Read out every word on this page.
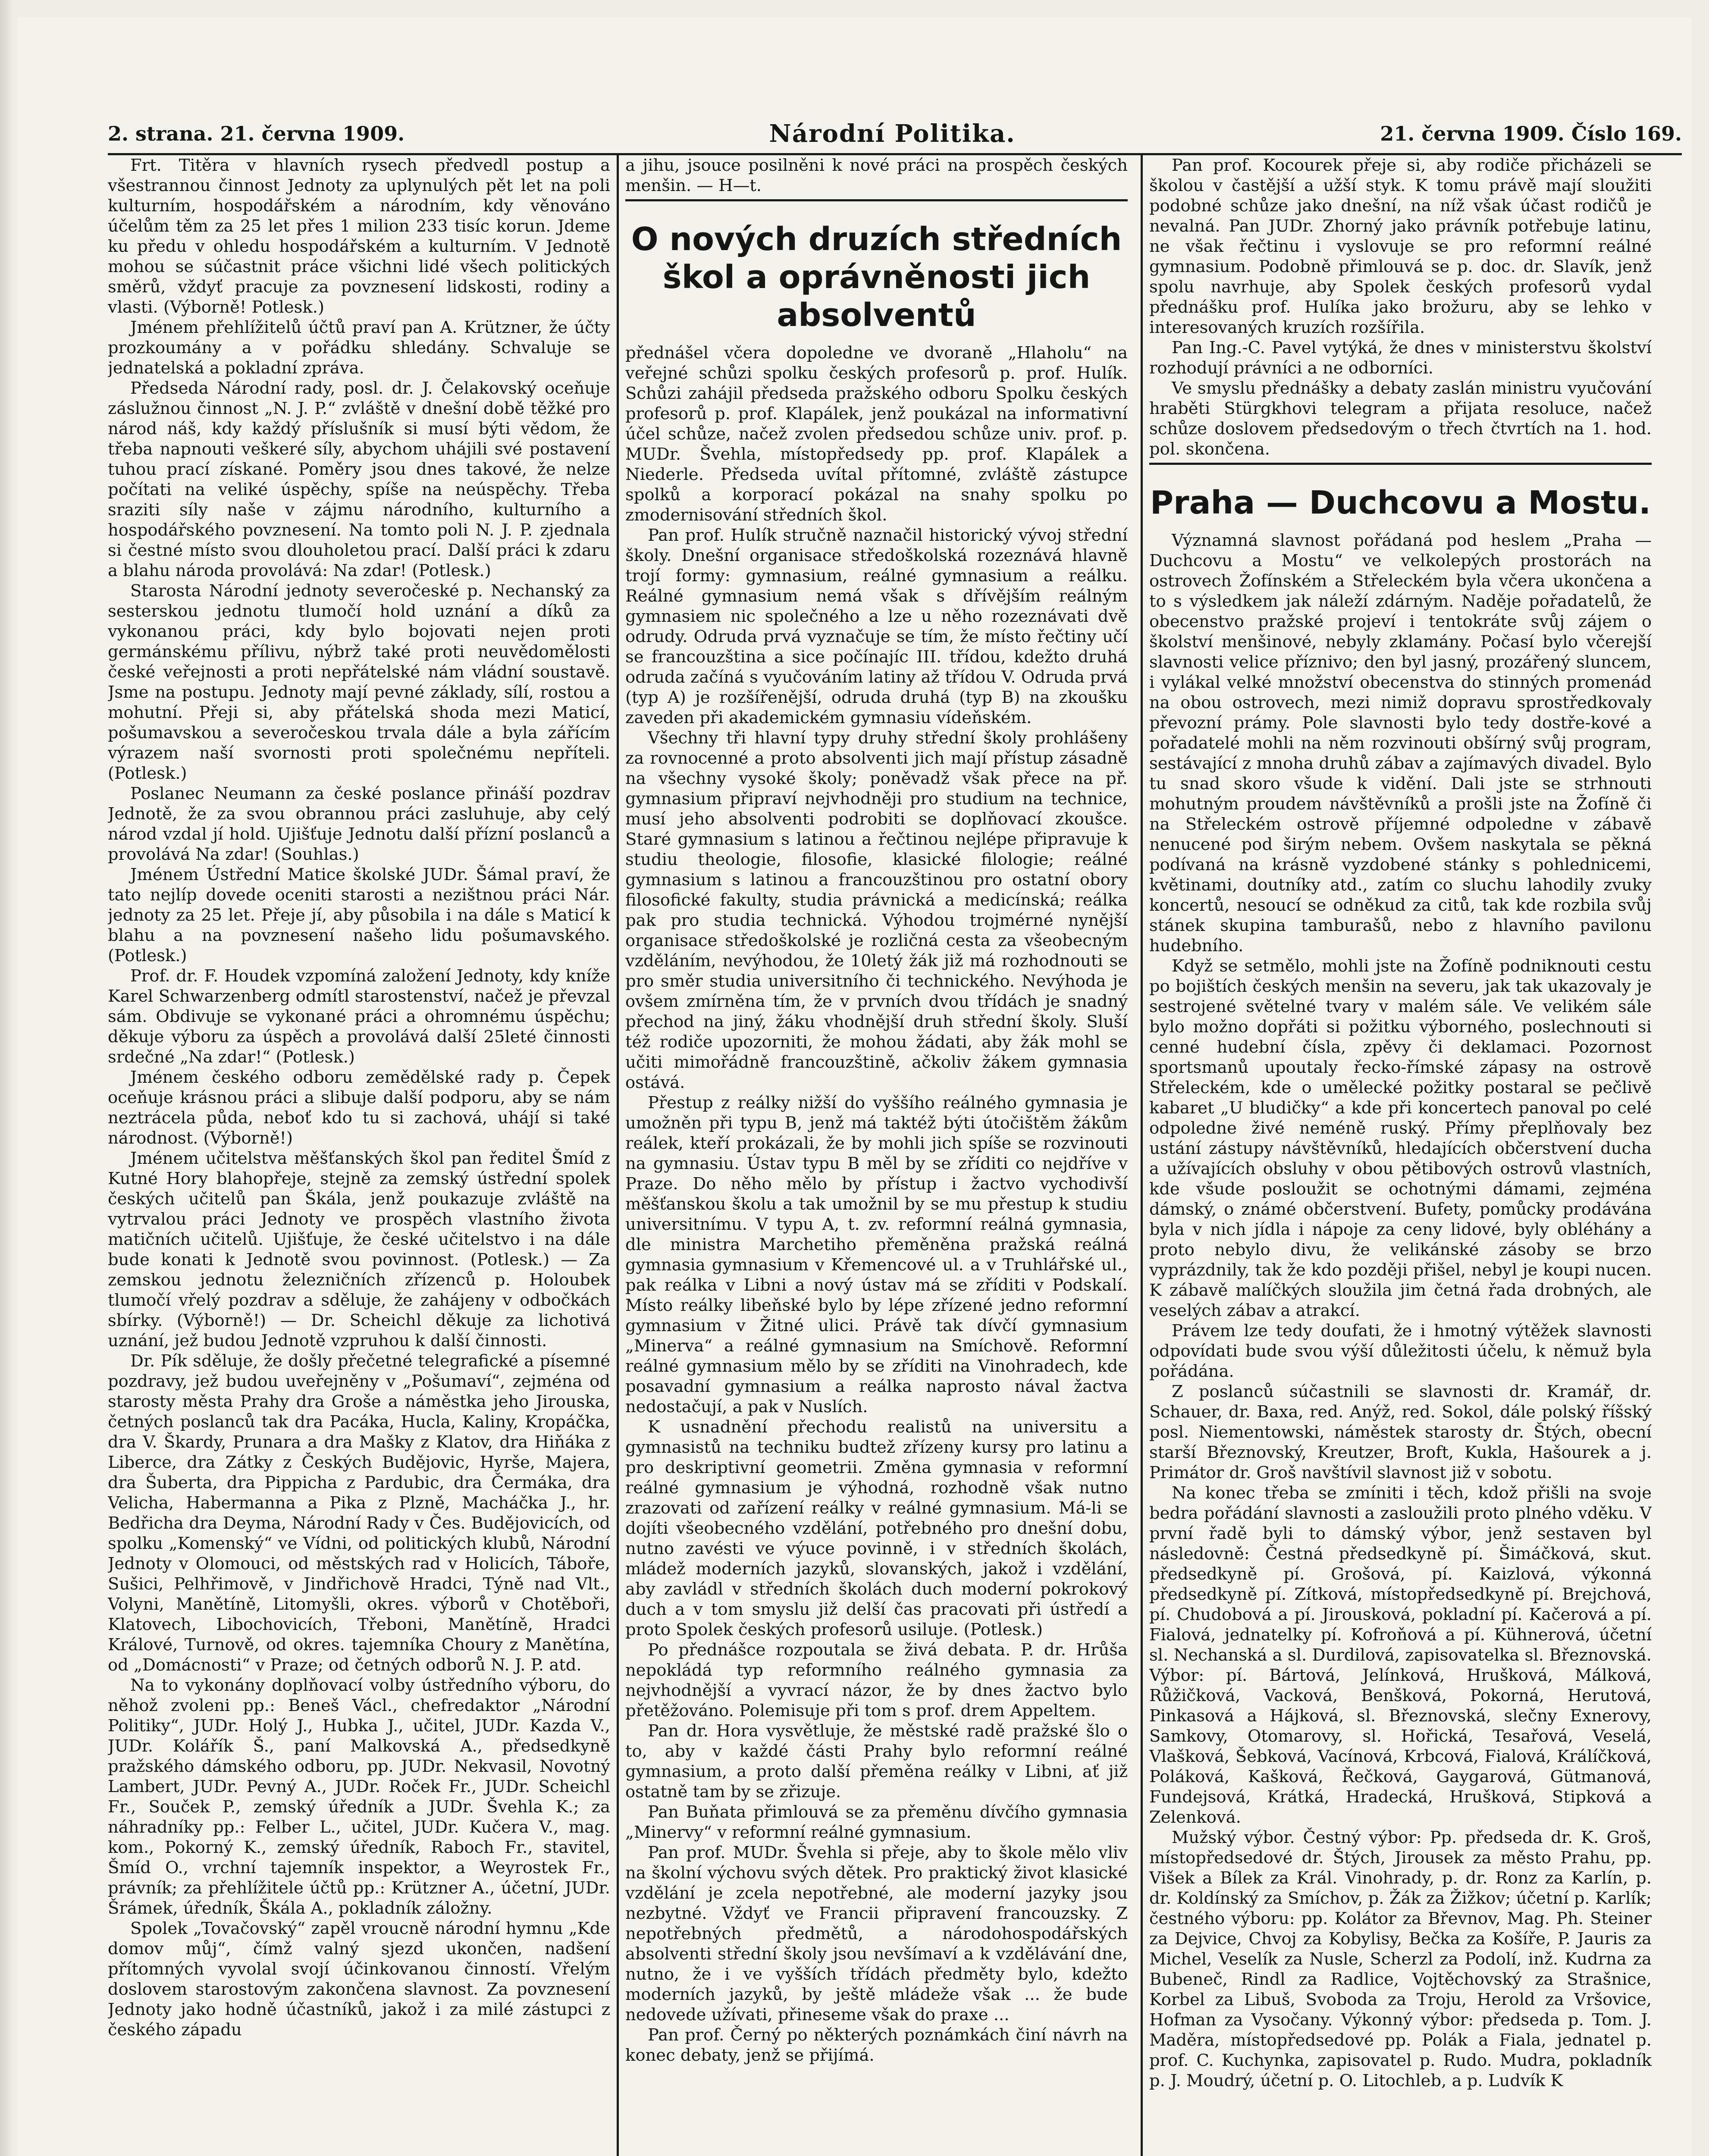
2. strana. 21. června 1909.	Národní Politika.	21. června 1909. Číslo 169.

Frt. Titěra v hlavních rysech předvedl postup a všestrannou činnost Jednoty za uplynulých pět let na poli kulturním, hospodářském a národním, kdy věnováno účelům těm za 25 let přes 1 milion 233 tisíc korun. Jdeme ku předu v ohledu hospodářském a kulturním. V Jednotě mohou se súčastnit práce všichni lidé všech politických směrů, vždyť pracuje za povznesení lidskosti, rodiny a vlasti. (Výborně! Potlesk.)

Jménem přehlížitelů účtů praví pan A. Krützner, že účty prozkoumány a v pořádku shledány. Schvaluje se jednatelská a pokladní zpráva.

Předseda Národní rady, posl. dr. J. Čelakovský oceňuje záslužnou činnost „N. J. P.“ zvláště v dnešní době těžké pro národ náš, kdy každý příslušník si musí býti vědom, že třeba napnouti veškeré síly, abychom uhájili své postavení tuhou prací získané. Poměry jsou dnes takové, že nelze počítati na veliké úspěchy, spíše na neúspěchy. Třeba sraziti síly naše v zájmu národního, kulturního a hospodářského povznesení. Na tomto poli N. J. P. zjednala si čestné místo svou dlouholetou prací. Další práci k zdaru a blahu národa provolává: Na zdar! (Potlesk.)

Starosta Národní jednoty severočeské p. Nechanský za sesterskou jednotu tlumočí hold uznání a díků za vykonanou práci, kdy bylo bojovati nejen proti germánskému přílivu, nýbrž také proti neuvědomělosti české veřejnosti a proti nepřátelské nám vládní soustavě. Jsme na postupu. Jednoty mají pevné základy, sílí, rostou a mohutní. Přeji si, aby přátelská shoda mezi Maticí, pošumavskou a severočeskou trvala dále a byla zářícím výrazem naší svornosti proti společnému nepříteli. (Potlesk.)

Poslanec Neumann za české poslance přináší pozdrav Jednotě, že za svou obrannou práci zasluhuje, aby celý národ vzdal jí hold. Ujišťuje Jednotu další přízní poslanců a provolává Na zdar! (Souhlas.)

Jménem Ústřední Matice školské JUDr. Šámal praví, že tato nejlíp dovede oceniti starosti a nezištnou práci Nár. jednoty za 25 let. Přeje jí, aby působila i na dále s Maticí k blahu a na povznesení našeho lidu pošumavského. (Potlesk.)

Prof. dr. F. Houdek vzpomíná založení Jednoty, kdy kníže Karel Schwarzenberg odmítl starostenství, načež je převzal sám. Obdivuje se vykonané práci a ohromnému úspěchu; děkuje výboru za úspěch a provolává další 25leté činnosti srdečné „Na zdar!“ (Potlesk.)

Jménem českého odboru zemědělské rady p. Čepek oceňuje krásnou práci a slibuje další podporu, aby se nám neztrácela půda, neboť kdo tu si zachová, uhájí si také národnost. (Výborně!)

Jménem učitelstva měšťanských škol pan ředitel Šmíd z Kutné Hory blahopřeje, stejně za zemský ústřední spolek českých učitelů pan Škála, jenž poukazuje zvláště na vytrvalou práci Jednoty ve prospěch vlastního života matičních učitelů. Ujišťuje, že české učitelstvo i na dále bude konati k Jednotě svou povinnost. (Potlesk.) — Za zemskou jednotu železničních zřízenců p. Holoubek tlumočí vřelý pozdrav a sděluje, že zahájeny v odbočkách sbírky. (Výborně!) — Dr. Scheichl děkuje za lichotivá uznání, jež budou Jednotě vzpruhou k další činnosti.

Dr. Pík sděluje, že došly přečetné telegrafické a písemné pozdravy, jež budou uveřejněny v „Pošumaví“, zejména od starosty města Prahy dra Groše a náměstka jeho Jirouska, četných poslanců tak dra Pacáka, Hucla, Kaliny, Kropáčka, dra V. Škardy, Prunara a dra Mašky z Klatov, dra Hiňáka z Liberce, dra Zátky z Českých Budějovic, Hyrše, Majera, dra Šuberta, dra Pippicha z Pardubic, dra Čermáka, dra Velicha, Habermanna a Pika z Plzně, Macháčka J., hr. Bedřicha dra Deyma, Národní Rady v Čes. Budějovicích, od spolku „Komenský“ ve Vídni, od politických klubů, Národní Jednoty v Olomouci, od městských rad v Holicích, Táboře, Sušici, Pelhřimově, v Jindřichově Hradci, Týně nad Vlt., Volyni, Manětíně, Litomyšli, okres. výborů v Chotěboři, Klatovech, Libochovicích, Třeboni, Manětíně, Hradci Králové, Turnově, od okres. tajemníka Choury z Manětína, od „Domácnosti“ v Praze; od četných odborů N. J. P. atd.

Na to vykonány doplňovací volby ústředního výboru, do něhož zvoleni pp.: Beneš Václ., chefredaktor „Národní Politiky“, JUDr. Holý J., Hubka J., učitel, JUDr. Kazda V., JUDr. Kolářík Š., paní Malkovská A., předsedkyně pražského dámského odboru, pp. JUDr. Nekvasil, Novotný Lambert, JUDr. Pevný A., JUDr. Roček Fr., JUDr. Scheichl Fr., Souček P., zemský úředník a JUDr. Švehla K.; za náhradníky pp.: Felber L., učitel, JUDr. Kučera V., mag. kom., Pokorný K., zemský úředník, Raboch Fr., stavitel, Šmíd O., vrchní tajemník inspektor, a Weyrostek Fr., právník; za přehlížitele účtů pp.: Krützner A., účetní, JUDr. Šrámek, úředník, Škála A., pokladník záložny.

Spolek „Tovačovský“ zapěl vroucně národní hymnu „Kde domov můj“, čímž valný sjezd ukončen, nadšení přítomných vyvolal svojí účinkovanou činností. Vřelým doslovem starostovým zakončena slavnost. Za povznesení Jednoty jako hodně účastníků, jakož i za milé zástupci z českého západu

a jihu, jsouce posilněni k nové práci na prospěch českých menšin. — H—t.

O nových druzích středních škol a oprávněnosti jich absolventů

přednášel včera dopoledne ve dvoraně „Hlaholu“ na veřejné schůzi spolku českých profesorů p. prof. Hulík. Schůzi zahájil předseda pražského odboru Spolku českých profesorů p. prof. Klapálek, jenž poukázal na informativní účel schůze, načež zvolen předsedou schůze univ. prof. p. MUDr. Švehla, místopředsedy pp. prof. Klapálek a Niederle. Předseda uvítal přítomné, zvláště zástupce spolků a korporací pokázal na snahy spolku po zmodernisování středních škol.

Pan prof. Hulík stručně naznačil historický vývoj střední školy. Dnešní organisace středoškolská rozeznává hlavně trojí formy: gymnasium, reálné gymnasium a reálku. Reálné gymnasium nemá však s dřívějším reálným gymnasiem nic společného a lze u něho rozeznávati dvě odrudy. Odruda prvá vyznačuje se tím, že místo řečtiny učí se francouzština a sice počínajíc III. třídou, kdežto druhá odruda začíná s vyučováním latiny až třídou V. Odruda prvá (typ A) je rozšířenější, odruda druhá (typ B) na zkoušku zaveden při akademickém gymnasiu vídeňském.

Všechny tři hlavní typy druhy střední školy prohlášeny za rovnocenné a proto absolventi jich mají přístup zásadně na všechny vysoké školy; poněvadž však přece na př. gymnasium připraví nejvhodněji pro studium na technice, musí jeho absolventi podrobiti se doplňovací zkoušce. Staré gymnasium s latinou a řečtinou nejlépe připravuje k studiu theologie, filosofie, klasické filologie; reálné gymnasium s latinou a francouzštinou pro ostatní obory filosofické fakulty, studia právnická a medicínská; reálka pak pro studia technická. Výhodou trojmérné nynější organisace středoškolské je rozličná cesta za všeobecným vzděláním, nevýhodou, že 10letý žák již má rozhodnouti se pro směr studia universitního či technického. Nevýhoda je ovšem zmírněna tím, že v prvních dvou třídách je snadný přechod na jiný, žáku vhodnější druh střední školy. Sluší též rodiče upozorniti, že mohou žádati, aby žák mohl se učiti mimořádně francouzštině, ačkoliv žákem gymnasia ostává.

Přestup z reálky nižší do vyššího reálného gymnasia je umožněn při typu B, jenž má taktéž býti útočištěm žákům reálek, kteří prokázali, že by mohli jich spíše se rozvinouti na gymnasiu. Ústav typu B měl by se zříditi co nejdříve v Praze. Do něho mělo by přístup i žactvo vychodivší měšťanskou školu a tak umožnil by se mu přestup k studiu universitnímu. V typu A, t. zv. reformní reálná gymnasia, dle ministra Marchetiho přeměněna pražská reálná gymnasia gymnasium v Křemencové ul. a v Truhlářské ul., pak reálka v Libni a nový ústav má se zříditi v Podskalí. Místo reálky libeňské bylo by lépe zřízené jedno reformní gymnasium v Žitné ulici. Právě tak dívčí gymnasium „Minerva“ a reálné gymnasium na Smíchově. Reformní reálné gymnasium mělo by se zříditi na Vinohradech, kde posavadní gymnasium a reálka naprosto nával žactva nedostačují, a pak v Nuslích.

K usnadnění přechodu realistů na universitu a gymnasistů na techniku budtež zřízeny kursy pro latinu a pro deskriptivní geometrii. Změna gymnasia v reformní reálné gymnasium je výhodná, rozhodně však nutno zrazovati od zařízení reálky v reálné gymnasium. Má-li se dojíti všeobecného vzdělání, potřebného pro dnešní dobu, nutno zavésti ve výuce povinně, i v středních školách, mládež moderních jazyků, slovanských, jakož i vzdělání, aby zavládl v středních školách duch moderní pokrokový duch a v tom smyslu již delší čas pracovati při ústředí a proto Spolek českých profesorů usiluje. (Potlesk.)

Po přednášce rozpoutala se živá debata. P. dr. Hrůša nepokládá typ reformního reálného gymnasia za nejvhodnější a vyvrací názor, že by dnes žactvo bylo přetěžováno. Polemisuje při tom s prof. drem Appeltem.

Pan dr. Hora vysvětluje, že městské radě pražské šlo o to, aby v každé části Prahy bylo reformní reálné gymnasium, a proto další přeměna reálky v Libni, ať již ostatně tam by se zřizuje.

Pan Buňata přimlouvá se za přeměnu dívčího gymnasia „Minervy“ v reformní reálné gymnasium.

Pan prof. MUDr. Švehla si přeje, aby to škole mělo vliv na školní výchovu svých dětek. Pro praktický život klasické vzdělání je zcela nepotřebné, ale moderní jazyky jsou nezbytné. Vždyť ve Francii připravení francouzsky. Z nepotřebných předmětů, a národohospodářských absolventi střední školy jsou nevšímaví a k vzdělávání dne, nutno, že i ve vyšších třídách předměty bylo, kdežto moderních jazyků, by ještě mládeže však ... že bude nedovede užívati, přineseme však do praxe ...

Pan prof. Černý po některých poznámkách činí návrh na konec debaty, jenž se přijímá.

Pan prof. Kocourek přeje si, aby rodiče přicházeli se školou v častější a užší styk. K tomu právě mají sloužiti podobné schůze jako dnešní, na níž však účast rodičů je nevalná. Pan JUDr. Zhorný jako právník potřebuje latinu, ne však řečtinu i vyslovuje se pro reformní reálné gymnasium. Podobně přimlouvá se p. doc. dr. Slavík, jenž spolu navrhuje, aby Spolek českých profesorů vydal přednášku prof. Hulíka jako brožuru, aby se lehko v interesovaných kruzích rozšířila.

Pan Ing.-C. Pavel vytýká, že dnes v ministerstvu školství rozhodují právníci a ne odborníci.

Ve smyslu přednášky a debaty zaslán ministru vyučování hraběti Stürgkhovi telegram a přijata resoluce, načež schůze doslovem předsedovým o třech čtvrtích na 1. hod. pol. skončena.

Praha — Duchcovu a Mostu.

Významná slavnost pořádaná pod heslem „Praha — Duchcovu a Mostu“ ve velkolepých prostorách na ostrovech Žofínském a Střeleckém byla včera ukončena a to s výsledkem jak náleží zdárným. Naděje pořadatelů, že obecenstvo pražské projeví i tentokráte svůj zájem o školství menšinové, nebyly zklamány. Počasí bylo včerejší slavnosti velice příznivo; den byl jasný, prozářený sluncem, i vylákal velké množství obecenstva do stinných promenád na obou ostrovech, mezi nimiž dopravu sprostředkovaly převozní prámy. Pole slavnosti bylo tedy dostře-kové a pořadatelé mohli na něm rozvinouti obšírný svůj program, sestávající z mnoha druhů zábav a zajímavých divadel. Bylo tu snad skoro všude k vidění. Dali jste se strhnouti mohutným proudem návštěvníků a prošli jste na Žofíně či na Střeleckém ostrově příjemné odpoledne v zábavě nenucené pod širým nebem. Ovšem naskytala se pěkná podívaná na krásně vyzdobené stánky s pohlednicemi, květinami, doutníky atd., zatím co sluchu lahodily zvuky koncertů, nesoucí se odněkud za citů, tak kde rozbila svůj stánek skupina tamburašů, nebo z hlavního pavilonu hudebního.

Když se setmělo, mohli jste na Žofíně podniknouti cestu po bojištích českých menšin na severu, jak tak ukazovaly je sestrojené světelné tvary v malém sále. Ve velikém sále bylo možno dopřáti si požitku výborného, poslechnouti si cenné hudební čísla, zpěvy či deklamaci. Pozornost sportsmanů upoutaly řecko-římské zápasy na ostrově Střeleckém, kde o umělecké požitky postaral se pečlivě kabaret „U bludičky“ a kde při koncertech panoval po celé odpoledne živé neméně ruský. Přímy přeplňovaly bez ustání zástupy návštěvníků, hledajících občerstvení ducha a užívajících obsluhy v obou pětibových ostrovů vlastních, kde všude posloužit se ochotnými dámami, zejména dámský, o známé občerstvení. Bufety, pomůcky prodávána byla v nich jídla i nápoje za ceny lidové, byly obléhány a proto nebylo divu, že velikánské zásoby se brzo vyprázdnily, tak že kdo později přišel, nebyl je koupi nucen. K zábavě malíčkých sloužila jim četná řada drobných, ale veselých zábav a atrakcí.

Právem lze tedy doufati, že i hmotný výtěžek slavnosti odpovídati bude svou výší důležitosti účelu, k němuž byla pořádána.

Z poslanců súčastnili se slavnosti dr. Kramář, dr. Schauer, dr. Baxa, red. Anýž, red. Sokol, dále polský říšský posl. Niementowski, náměstek starosty dr. Štých, obecní starší Březnovský, Kreutzer, Broft, Kukla, Hašourek a j. Primátor dr. Groš navštívil slavnost již v sobotu.

Na konec třeba se zmíniti i těch, kdož přišli na svoje bedra pořádání slavnosti a zasloužili proto plného vděku. V první řadě byli to dámský výbor, jenž sestaven byl následovně: Čestná předsedkyně pí. Šimáčková, skut. předsedkyně pí. Grošová, pí. Kaizlová, výkonná předsedkyně pí. Zítková, místopředsedkyně pí. Brejchová, pí. Chudobová a pí. Jirousková, pokladní pí. Kačerová a pí. Fialová, jednatelky pí. Kofroňová a pí. Kühnerová, účetní sl. Nechanská a sl. Durdilová, zapisovatelka sl. Březnovská. Výbor: pí. Bártová, Jelínková, Hrušková, Málková, Růžičková, Vacková, Benšková, Pokorná, Herutová, Pinkasová a Hájková, sl. Březnovská, slečny Exnerovy, Samkovy, Otomarovy, sl. Hořická, Tesařová, Veselá, Vlašková, Šebková, Vacínová, Krbcová, Fialová, Králíčková, Poláková, Kašková, Řečková, Gaygarová, Gütmanová, Fundejsová, Krátká, Hradecká, Hrušková, Stipková a Zelenková.

Mužský výbor. Čestný výbor: Pp. předseda dr. K. Groš, místopředsedové dr. Štých, Jirousek za město Prahu, pp. Višek a Bílek za Král. Vinohrady, p. dr. Ronz za Karlín, p. dr. Koldínský za Smíchov, p. Žák za Žižkov; účetní p. Karlík; čestného výboru: pp. Kolátor za Břevnov, Mag. Ph. Steiner za Dejvice, Chvoj za Kobylisy, Bečka za Košíře, P. Jauris za Michel, Veselík za Nusle, Scherzl za Podolí, inž. Kudrna za Bubeneč, Rindl za Radlice, Vojtěchovský za Strašnice, Korbel za Libuš, Svoboda za Troju, Herold za Vršovice, Hofman za Vysočany. Výkonný výbor: předseda p. Tom. J. Maděra, místopředsedové pp. Polák a Fiala, jednatel p. prof. C. Kuchynka, zapisovatel p. Rudo. Mudra, pokladník p. J. Moudrý, účetní p. O. Litochleb, a p. Ludvík K
